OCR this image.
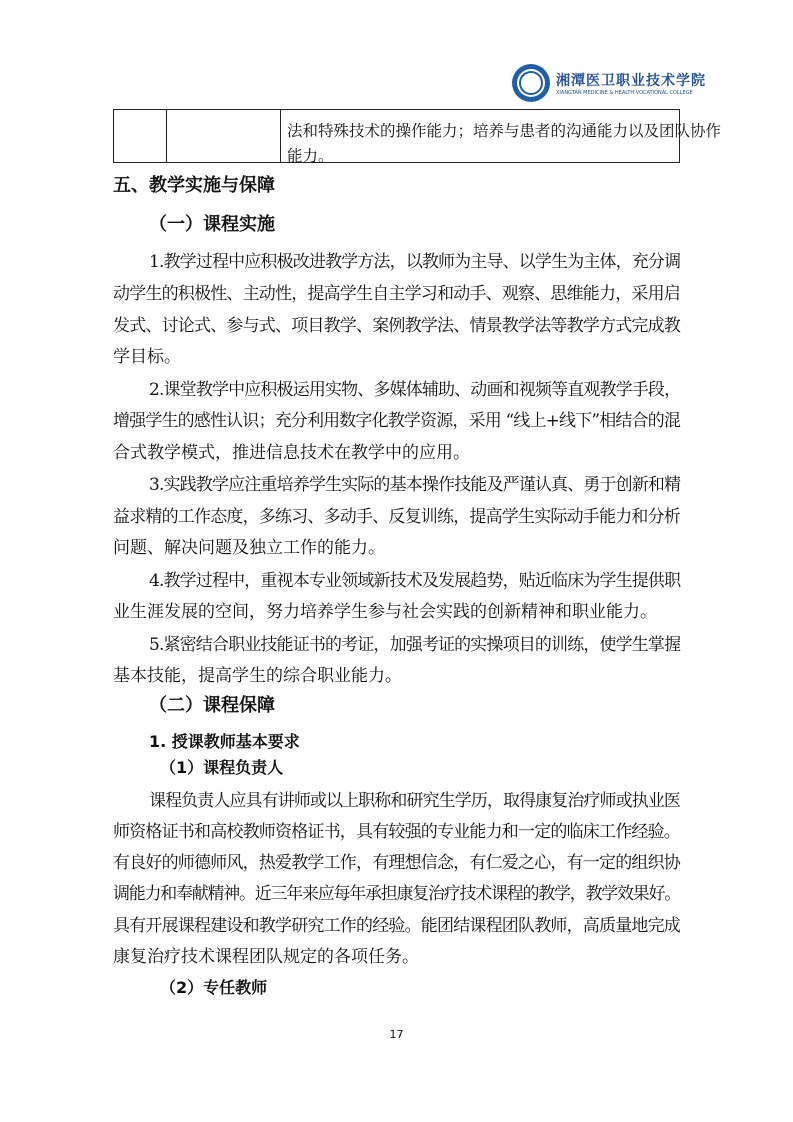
湘潭医卫职业技术学院
XIANGTAN MEDICINE & HEALTH VOCATIONAL COLLEGE
法和特殊技术的操作能力；培养与患者的沟通能力以及团队协作
能力。
五、教学实施与保障
（一）课程实施
1.教学过程中应积极改进教学方法，以教师为主导、以学生为主体，充分调
动学生的积极性、主动性，提高学生自主学习和动手、观察、思维能力，采用启
发式、讨论式、参与式、项目教学、案例教学法、情景教学法等教学方式完成教
学目标。
2.课堂教学中应积极运用实物、多媒体辅助、动画和视频等直观教学手段，
增强学生的感性认识；充分利用数字化教学资源，采用 “线上+线下”相结合的混
合式教学模式，推进信息技术在教学中的应用。
3.实践教学应注重培养学生实际的基本操作技能及严谨认真、勇于创新和精
益求精的工作态度，多练习、多动手、反复训练，提高学生实际动手能力和分析
问题、解决问题及独立工作的能力。
4.教学过程中，重视本专业领域新技术及发展趋势，贴近临床为学生提供职
业生涯发展的空间，努力培养学生参与社会实践的创新精神和职业能力。
5.紧密结合职业技能证书的考证，加强考证的实操项目的训练，使学生掌握
基本技能，提高学生的综合职业能力。
（二）课程保障
1. 授课教师基本要求
（1）课程负责人
课程负责人应具有讲师或以上职称和研究生学历，取得康复治疗师或执业医
师资格证书和高校教师资格证书，具有较强的专业能力和一定的临床工作经验。
有良好的师德师风，热爱教学工作，有理想信念，有仁爱之心，有一定的组织协
调能力和奉献精神。近三年来应每年承担康复治疗技术课程的教学，教学效果好。
具有开展课程建设和教学研究工作的经验。能团结课程团队教师，高质量地完成
康复治疗技术课程团队规定的各项任务。
（2）专任教师
17
